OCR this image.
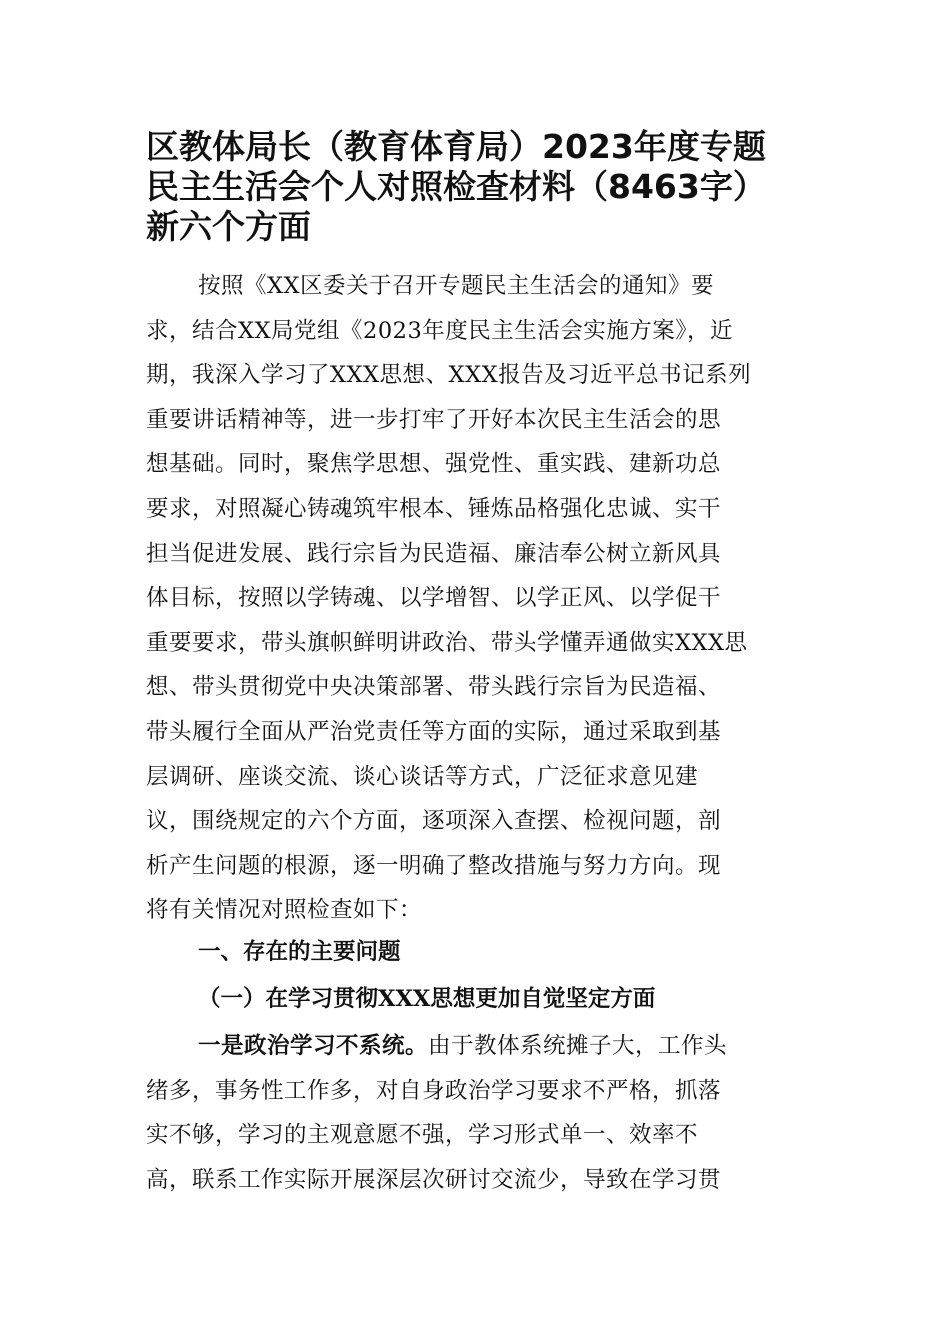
区教体局长（教育体育局）2023年度专题
民主生活会个人对照检查材料（8463字）
新六个方面
按照《XX区委关于召开专题民主生活会的通知》要
求，结合XX局党组《2023年度民主生活会实施方案》，近
期，我深入学习了XXX思想、XXX报告及习近平总书记系列
重要讲话精神等，进一步打牢了开好本次民主生活会的思
想基础。同时，聚焦学思想、强党性、重实践、建新功总
要求，对照凝心铸魂筑牢根本、锤炼品格强化忠诚、实干
担当促进发展、践行宗旨为民造福、廉洁奉公树立新风具
体目标，按照以学铸魂、以学增智、以学正风、以学促干
重要要求，带头旗帜鲜明讲政治、带头学懂弄通做实XXX思
想、带头贯彻党中央决策部署、带头践行宗旨为民造福、
带头履行全面从严治党责任等方面的实际，通过采取到基
层调研、座谈交流、谈心谈话等方式，广泛征求意见建
议，围绕规定的六个方面，逐项深入查摆、检视问题，剖
析产生问题的根源，逐一明确了整改措施与努力方向。现
将有关情况对照检查如下：
一、存在的主要问题
（一）在学习贯彻XXX思想更加自觉坚定方面
一是政治学习不系统。由于教体系统摊子大，工作头
绪多，事务性工作多，对自身政治学习要求不严格，抓落
实不够，学习的主观意愿不强，学习形式单一、效率不
高，联系工作实际开展深层次研讨交流少，导致在学习贯
